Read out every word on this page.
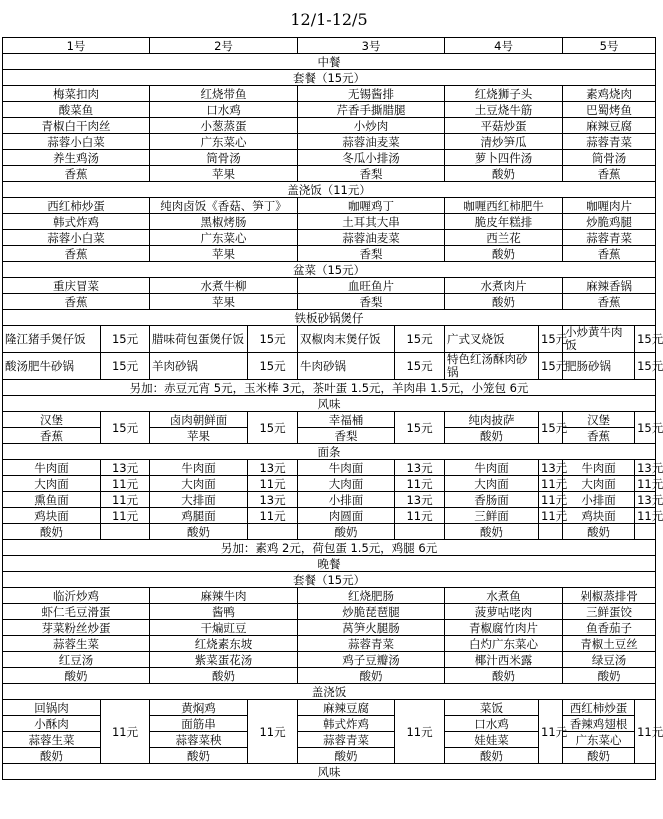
12/1-12/5
1号		2号		3号		4号		5号	
中餐									
套餐（15元）									
梅菜扣肉		红烧带鱼		无锡酱排		红烧狮子头		素鸡烧肉	
酸菜鱼		口水鸡		芹香手撕腊腿		土豆烧牛筋		巴蜀烤鱼	
青椒白干肉丝		小葱蒸蛋		小炒肉		平菇炒蛋		麻辣豆腐	
蒜蓉小白菜		广东菜心		蒜蓉油麦菜		清炒笋瓜		蒜蓉青菜	
养生鸡汤		筒骨汤		冬瓜小排汤		萝卜四件汤		筒骨汤	
香蕉		苹果		香梨		酸奶		香蕉	
盖浇饭（11元）									
西红柿炒蛋		纯肉卤饭《香菇、笋丁》		咖喱鸡丁		咖喱西红柿肥牛		咖喱肉片	
韩式炸鸡		黑椒烤肠		土耳其大串		脆皮年糕排		炒脆鸡腿	
蒜蓉小白菜		广东菜心		蒜蓉油麦菜		西兰花		蒜蓉青菜	
香蕉		苹果		香梨		酸奶		香蕉	
盆菜（15元）									
重庆冒菜		水煮牛柳		血旺鱼片		水煮肉片		麻辣香锅	
香蕉		苹果		香梨		酸奶		香蕉	
铁板砂锅煲仔									
隆江猪手煲仔饭	15元	腊味荷包蛋煲仔饭	15元	双椒肉末煲仔饭	15元	广式叉烧饭	15元	小炒黄牛肉饭	15元
酸汤肥牛砂锅	15元	羊肉砂锅	15元	牛肉砂锅	15元	特色红汤酥肉砂锅	15元	肥肠砂锅	15元
另加：赤豆元宵 5元，玉米棒 3元，茶叶蛋 1.5元，羊肉串 1.5元，小笼包 6元									
风味									
汉堡	15元	卤肉朝鲜面	15元	幸福桶	15元	纯肉披萨	15元	汉堡	15元
香蕉		苹果		香梨		酸奶		香蕉	
面条									
牛肉面	13元	牛肉面	13元	牛肉面	13元	牛肉面	13元	牛肉面	13元
大肉面	11元	大肉面	11元	大肉面	11元	大肉面	11元	大肉面	11元
熏鱼面	11元	大排面	13元	小排面	13元	香肠面	11元	小排面	13元
鸡块面	11元	鸡腿面	11元	肉圆面	11元	三鲜面	11元	鸡块面	11元
酸奶		酸奶		酸奶		酸奶		酸奶	
另加：素鸡 2元，荷包蛋 1.5元，鸡腿 6元									
晚餐									
套餐（15元）									
临沂炒鸡		麻辣牛肉		红烧肥肠		水煮鱼		剁椒蒸排骨	
虾仁毛豆滑蛋		酱鸭		炒脆琵琶腿		菠萝咕咾肉		三鲜蛋饺	
芽菜粉丝炒蛋		干煸豇豆		莴笋火腿肠		青椒腐竹肉片		鱼香茄子	
蒜蓉生菜		红烧素东坡		蒜蓉青菜		白灼广东菜心		青椒土豆丝	
红豆汤		紫菜蛋花汤		鸡子豆瓣汤		椰汁西米露		绿豆汤	
酸奶		酸奶		酸奶		酸奶		酸奶	
盖浇饭									
回锅肉	11元	黄焖鸡	11元	麻辣豆腐	11元	菜饭	11元	西红柿炒蛋	11元
小酥肉		面筋串		韩式炸鸡		口水鸡		香辣鸡翅根	
蒜蓉生菜		蒜蓉菜秧		蒜蓉青菜		娃娃菜		广东菜心	
酸奶		酸奶		酸奶		酸奶		酸奶	
风味									
